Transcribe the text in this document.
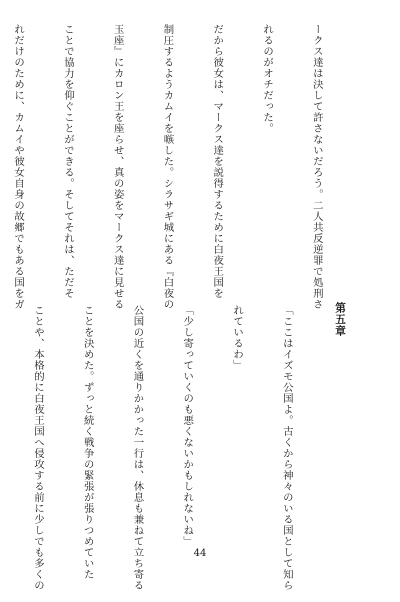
ークス達は決して許さないだろう。二人共反逆罪で処刑さ

れるのがオチだった。

だから彼女は、マークス達を説得するために白夜王国を

制圧するようカムイを嗾した。シラサギ城にある『白夜の

玉座』にカロン王を座らせ、真の姿をマークス達に見せる

ことで協力を仰ぐことができる。そしてそれは、ただそ

れだけのために、カムイや彼女自身の故郷でもある国をガ

第五章

「ここはイズモ公国よ。古くから神々のいる国として知ら

れているわ」

「少し寄っていくのも悪くないかもしれないね」

公国の近くを通りかかった一行は、休息も兼ねて立ち寄る

ことを決めた。ずっと続く戦争の緊張が張りつめていた

ことや、本格的に白夜王国へ侵攻する前に少しでも多くの

	44
